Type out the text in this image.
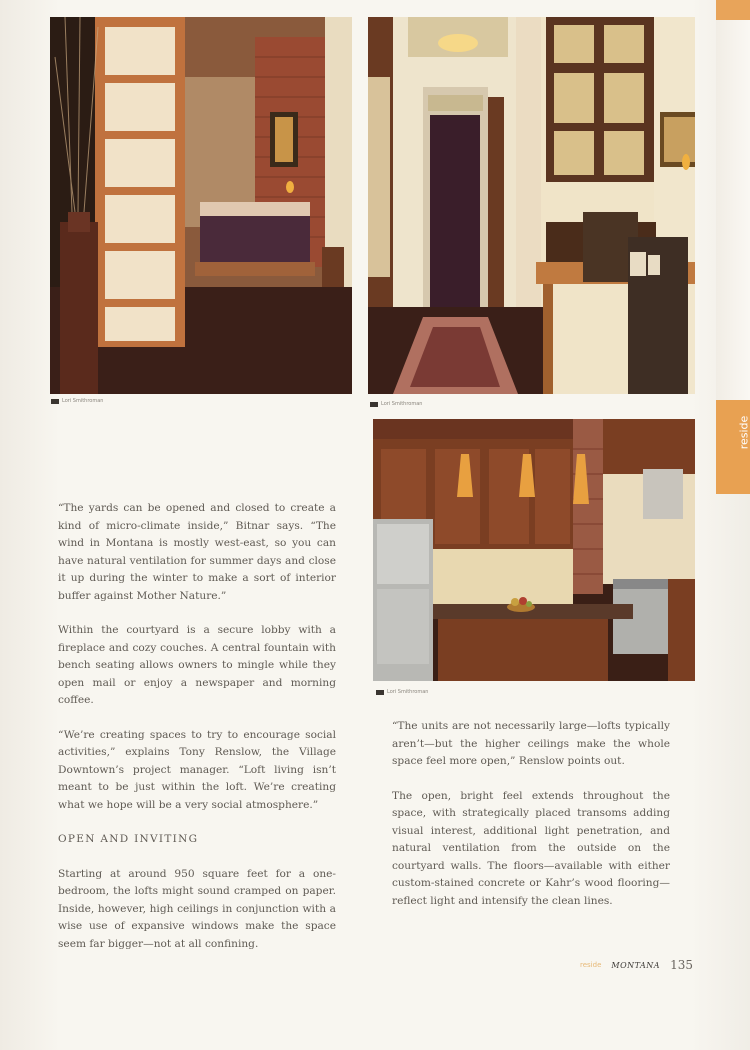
Lori Smithroman	Lori Smithroman
Lori Smithroman
reside

“The yards can be opened and closed to create a kind of micro-climate inside,” Bitnar says. “The wind in Montana is mostly west-east, so you can have natural ventilation for summer days and close it up during the winter to make a sort of interior buffer against Mother Nature.”

Within the courtyard is a secure lobby with a fireplace and cozy couches. A central fountain with bench seating allows owners to mingle while they open mail or enjoy a newspaper and morning coffee.

“We’re creating spaces to try to encourage social activities,” explains Tony Renslow, the Village Downtown’s project manager. “Loft living isn’t meant to be just within the loft. We’re creating what we hope will be a very social atmosphere.”

OPEN AND INVITING

Starting at around 950 square feet for a one-bedroom, the lofts might sound cramped on paper. Inside, however, high ceilings in conjunction with a wise use of expansive windows make the space seem far bigger—not at all confining.

“The units are not necessarily large—lofts typically aren’t—but the higher ceilings make the whole space feel more open,” Renslow points out.

The open, bright feel extends throughout the space, with strategically placed transoms adding visual interest, additional light penetration, and natural ventilation from the outside on the courtyard walls. The floors—available with either custom-stained concrete or Kahr’s wood flooring—reflect light and intensify the clean lines.

reside MONTANA 135
